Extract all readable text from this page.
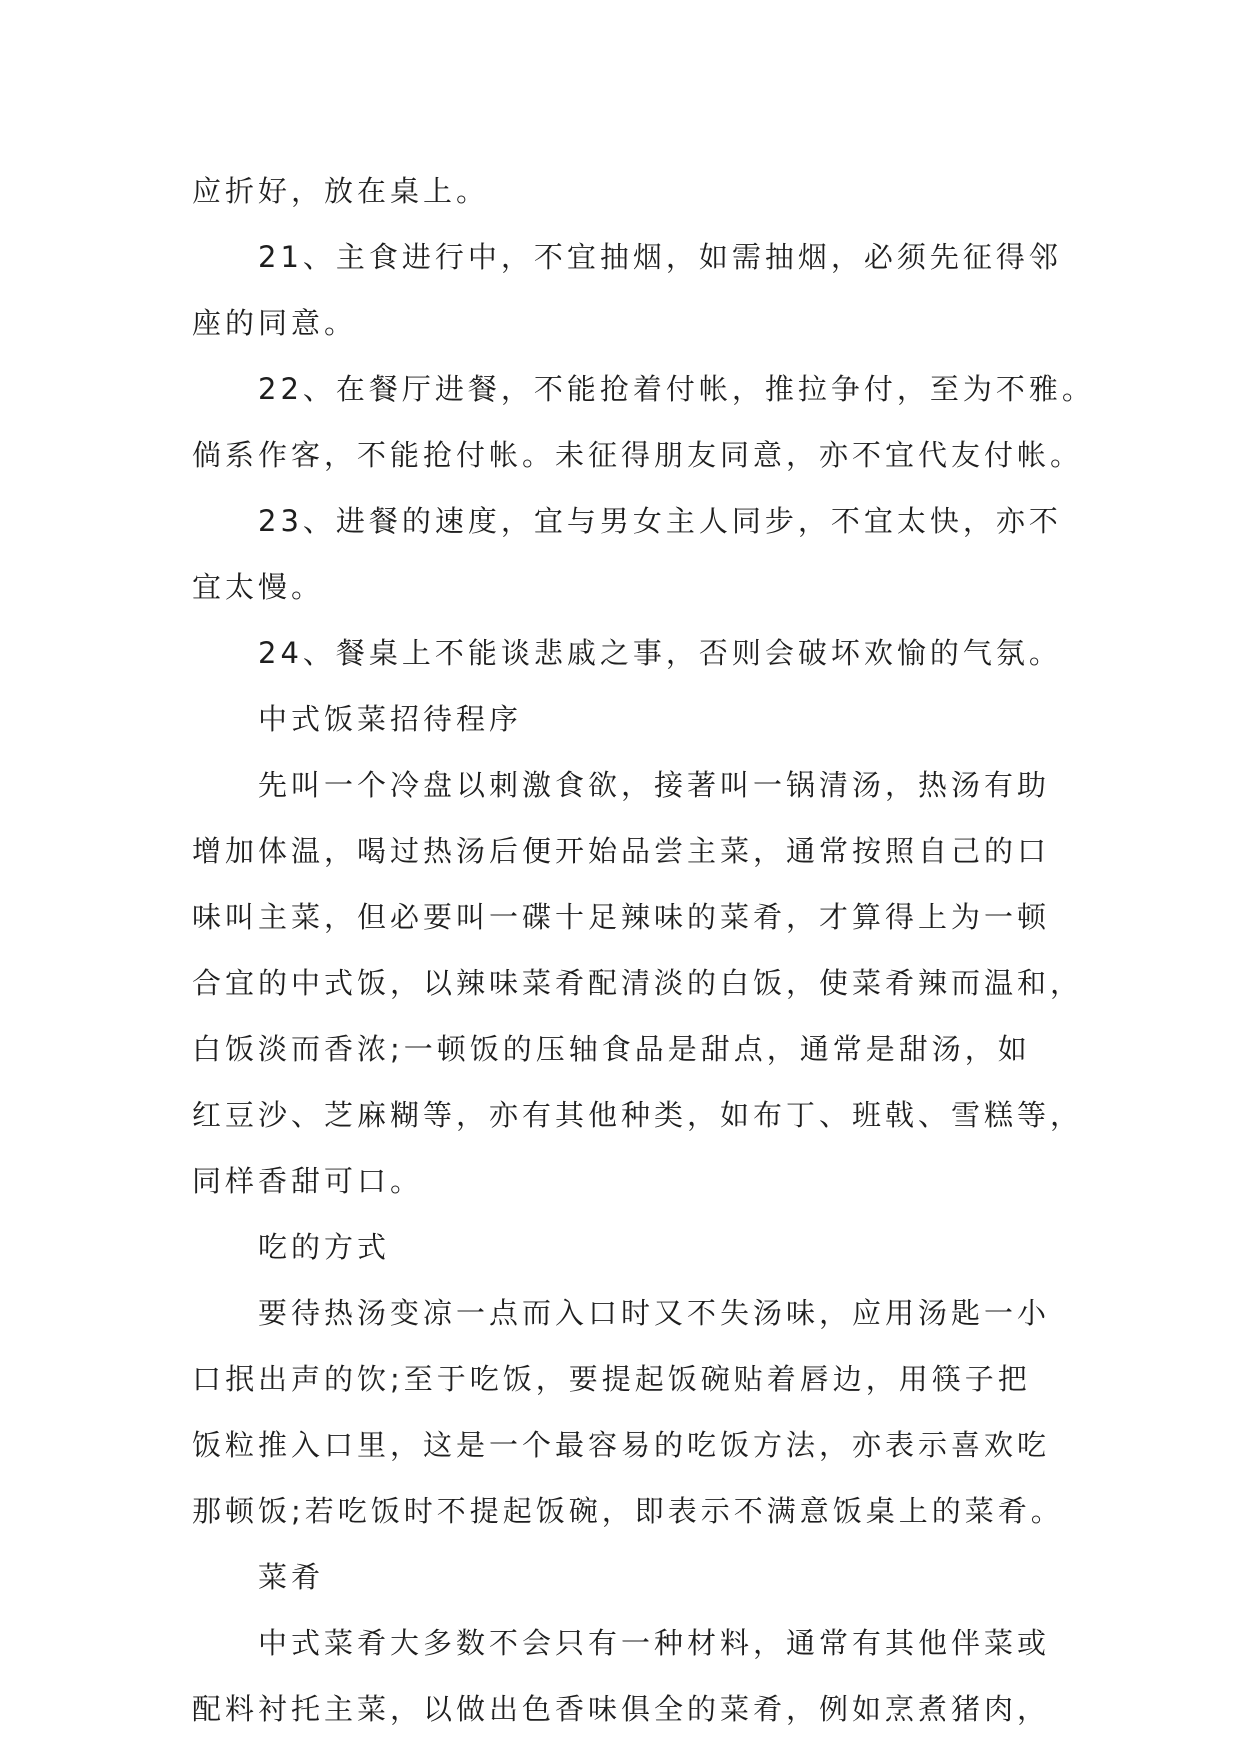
应折好，放在桌上。
21、主食进行中，不宜抽烟，如需抽烟，必须先征得邻
座的同意。
22、在餐厅进餐，不能抢着付帐，推拉争付，至为不雅。
倘系作客，不能抢付帐。未征得朋友同意，亦不宜代友付帐。
23、进餐的速度，宜与男女主人同步，不宜太快，亦不
宜太慢。
24、餐桌上不能谈悲戚之事，否则会破坏欢愉的气氛。
中式饭菜招待程序
先叫一个冷盘以刺激食欲，接著叫一锅清汤，热汤有助
增加体温，喝过热汤后便开始品尝主菜，通常按照自己的口
味叫主菜，但必要叫一碟十足辣味的菜肴，才算得上为一顿
合宜的中式饭，以辣味菜肴配清淡的白饭，使菜肴辣而温和，
白饭淡而香浓;一顿饭的压轴食品是甜点，通常是甜汤，如
红豆沙、芝麻糊等，亦有其他种类，如布丁、班戟、雪糕等，
同样香甜可口。
吃的方式
要待热汤变凉一点而入口时又不失汤味，应用汤匙一小
口抿出声的饮;至于吃饭，要提起饭碗贴着唇边，用筷子把
饭粒推入口里，这是一个最容易的吃饭方法，亦表示喜欢吃
那顿饭;若吃饭时不提起饭碗，即表示不满意饭桌上的菜肴。
菜肴
中式菜肴大多数不会只有一种材料，通常有其他伴菜或
配料衬托主菜，以做出色香味俱全的菜肴，例如烹煮猪肉，
